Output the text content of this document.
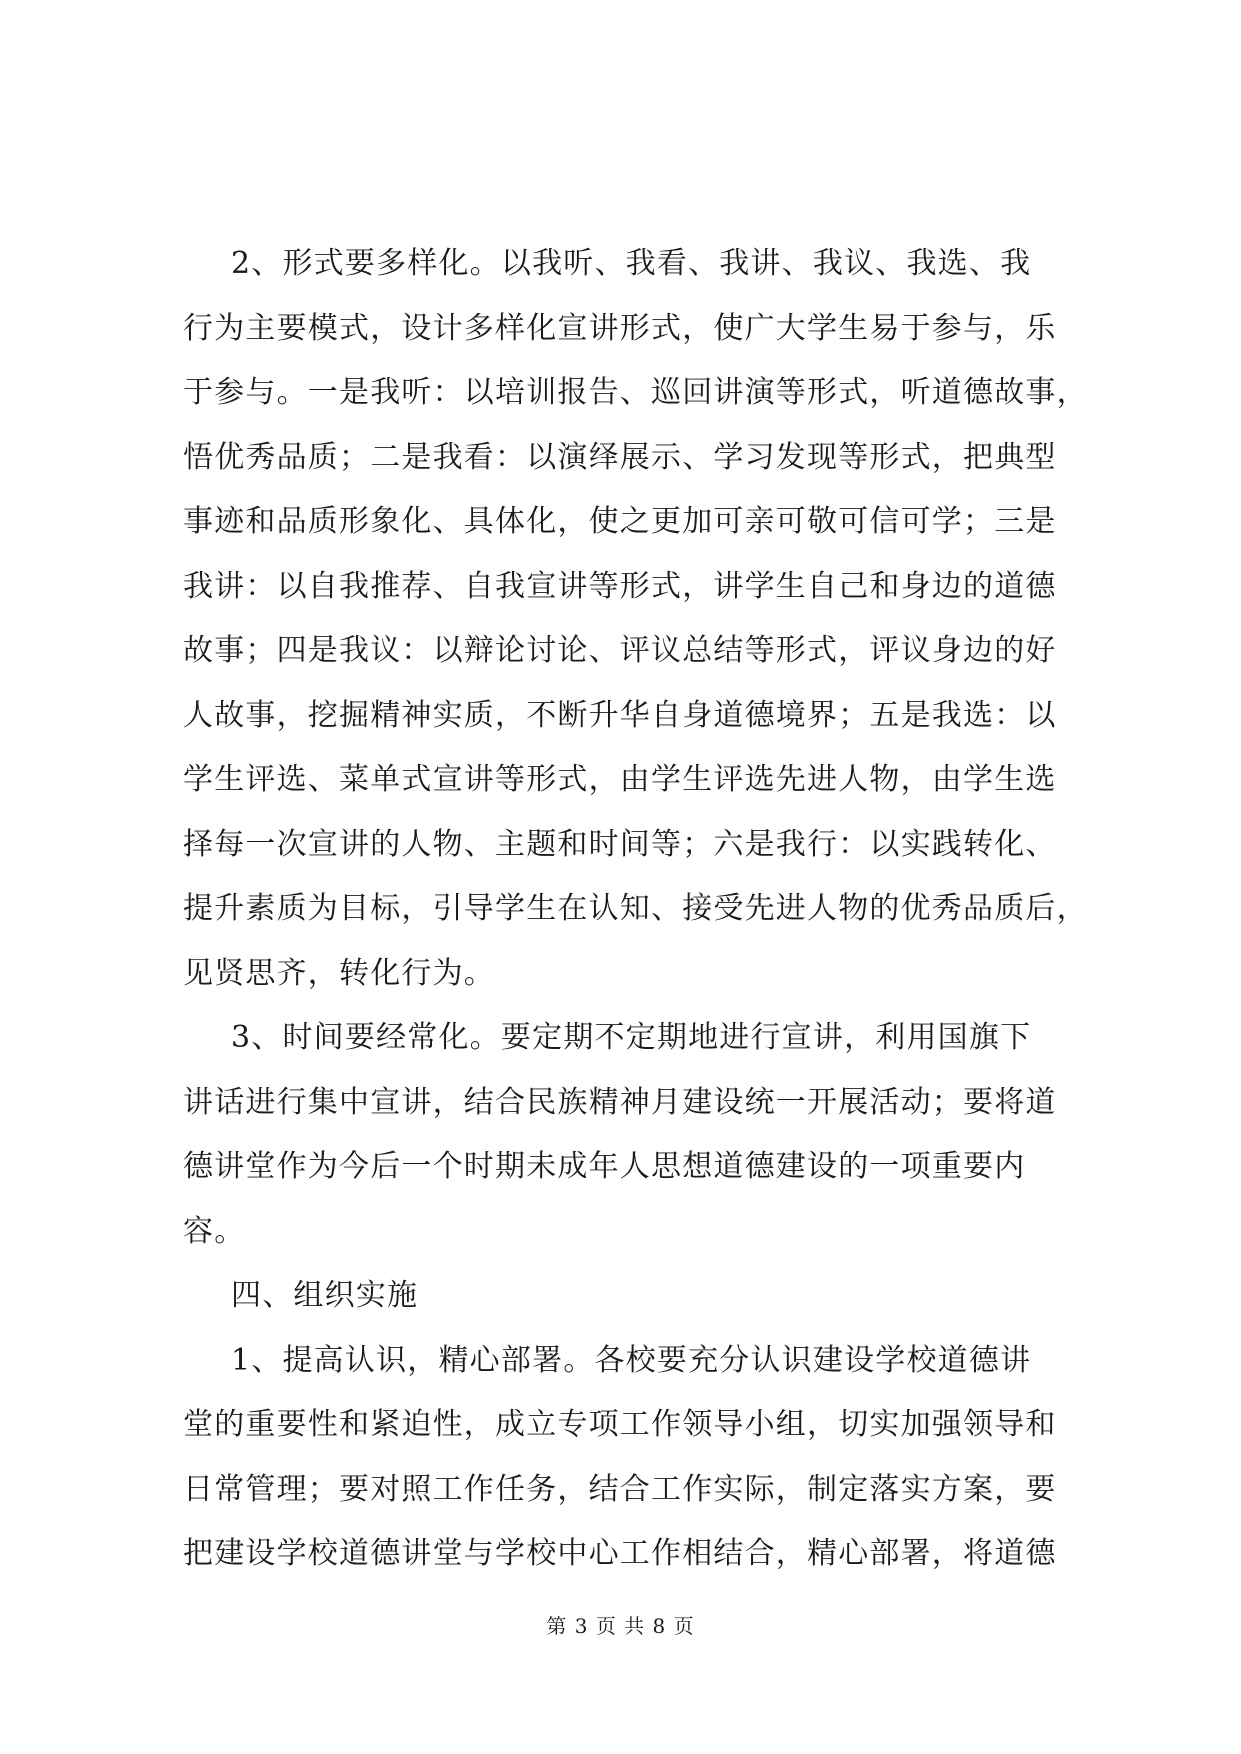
2、形式要多样化。以我听、我看、我讲、我议、我选、我
行为主要模式，设计多样化宣讲形式，使广大学生易于参与，乐
于参与。一是我听：以培训报告、巡回讲演等形式，听道德故事，
悟优秀品质；二是我看：以演绎展示、学习发现等形式，把典型
事迹和品质形象化、具体化，使之更加可亲可敬可信可学；三是
我讲：以自我推荐、自我宣讲等形式，讲学生自己和身边的道德
故事；四是我议：以辩论讨论、评议总结等形式，评议身边的好
人故事，挖掘精神实质，不断升华自身道德境界；五是我选：以
学生评选、菜单式宣讲等形式，由学生评选先进人物，由学生选
择每一次宣讲的人物、主题和时间等；六是我行：以实践转化、
提升素质为目标，引导学生在认知、接受先进人物的优秀品质后，
见贤思齐，转化行为。
3、时间要经常化。要定期不定期地进行宣讲，利用国旗下
讲话进行集中宣讲，结合民族精神月建设统一开展活动；要将道
德讲堂作为今后一个时期未成年人思想道德建设的一项重要内
容。
四、组织实施
1、提高认识，精心部署。各校要充分认识建设学校道德讲
堂的重要性和紧迫性，成立专项工作领导小组，切实加强领导和
日常管理；要对照工作任务，结合工作实际，制定落实方案，要
把建设学校道德讲堂与学校中心工作相结合，精心部署，将道德
第 3 页 共 8 页
